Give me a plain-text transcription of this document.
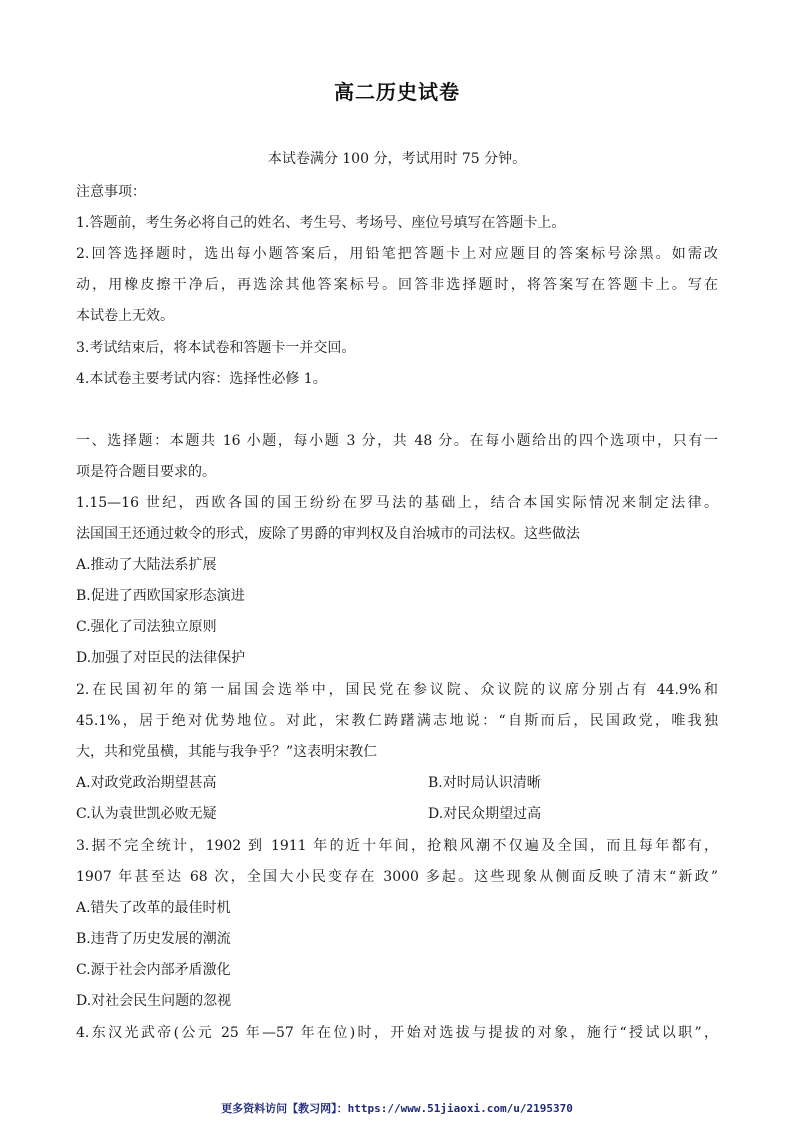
高二历史试卷
本试卷满分 100 分，考试用时 75 分钟。
注意事项：
1.答题前，考生务必将自己的姓名、考生号、考场号、座位号填写在答题卡上。
2.回答选择题时，选出每小题答案后，用铅笔把答题卡上对应题目的答案标号涂黑。如需改
动，用橡皮擦干净后，再选涂其他答案标号。回答非选择题时，将答案写在答题卡上。写在
本试卷上无效。
3.考试结束后，将本试卷和答题卡一并交回。
4.本试卷主要考试内容：选择性必修 1。
一、选择题：本题共 16 小题，每小题 3 分，共 48 分。在每小题给出的四个选项中，只有一
项是符合题目要求的。
1.15—16 世纪，西欧各国的国王纷纷在罗马法的基础上，结合本国实际情况来制定法律。
法国国王还通过敕令的形式，废除了男爵的审判权及自治城市的司法权。这些做法
A.推动了大陆法系扩展
B.促进了西欧国家形态演进
C.强化了司法独立原则
D.加强了对臣民的法律保护
2.在民国初年的第一届国会选举中，国民党在参议院、众议院的议席分别占有 44.9%和
45.1%，居于绝对优势地位。对此，宋教仁踌躇满志地说：“自斯而后，民国政党，唯我独
大，共和党虽横，其能与我争乎？”这表明宋教仁
A.对政党政治期望甚高	B.对时局认识清晰
C.认为袁世凯必败无疑	D.对民众期望过高
3.据不完全统计，1902 到 1911 年的近十年间，抢粮风潮不仅遍及全国，而且每年都有，
1907 年甚至达 68 次，全国大小民变存在 3000 多起。这些现象从侧面反映了清末“新政”
A.错失了改革的最佳时机
B.违背了历史发展的潮流
C.源于社会内部矛盾激化
D.对社会民生问题的忽视
4.东汉光武帝(公元 25 年—57 年在位)时，开始对选拔与提拔的对象，施行“授试以职”，
更多资料访问【教习网】：https://www.51jiaoxi.com/u/2195370
